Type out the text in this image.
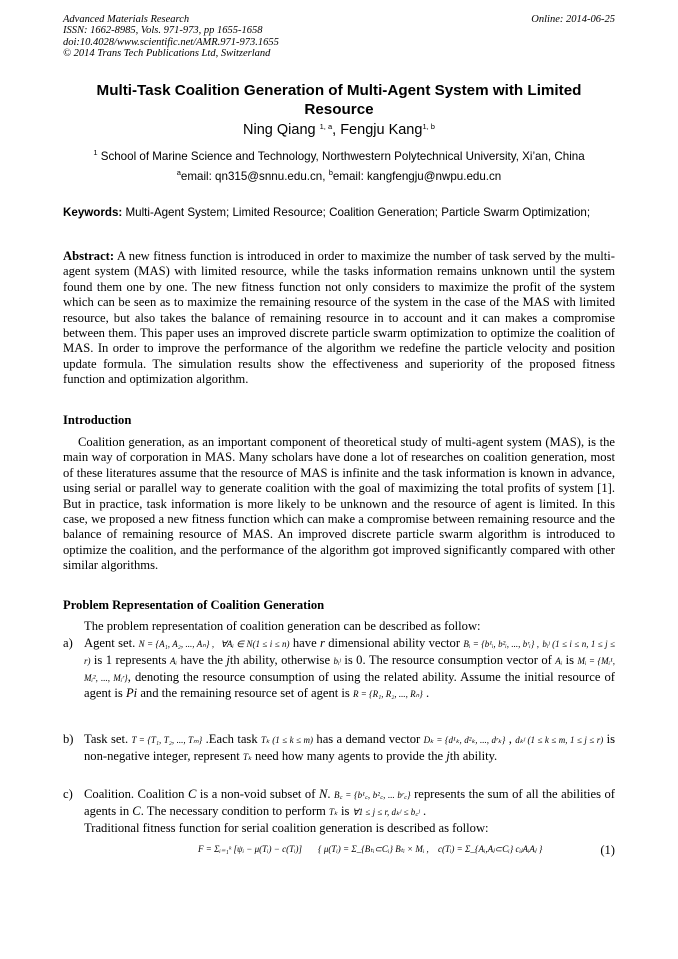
Advanced Materials Research
ISSN: 1662-8985, Vols. 971-973, pp 1655-1658
doi:10.4028/www.scientific.net/AMR.971-973.1655
© 2014 Trans Tech Publications Ltd, Switzerland
Online: 2014-06-25
Multi-Task Coalition Generation of Multi-Agent System with Limited Resource
Ning Qiang $^{1, a}$, Fengju Kang$^{1, b}$
$^1$ School of Marine Science and Technology, Northwestern Polytechnical University, Xi’an, China
$^a$email: qn315@snnu.edu.cn, $^b$email: kangfengju@nwpu.edu.cn
Keywords: Multi-Agent System; Limited Resource; Coalition Generation; Particle Swarm Optimization;
Abstract: A new fitness function is introduced in order to maximize the number of task served by the multi-agent system (MAS) with limited resource, while the tasks information remains unknown until the system found them one by one. The new fitness function not only considers to maximize the profit of the system which can be seen as to maximize the remaining resource of the system in the case of the MAS with limited resource, but also takes the balance of remaining resource in to account and it can makes a compromise between them. This paper uses an improved discrete particle swarm optimization to optimize the coalition of MAS. In order to improve the performance of the algorithm we redefine the particle velocity and position update formula. The simulation results show the effectiveness and superiority of the proposed fitness function and optimization algorithm.
Introduction
Coalition generation, as an important component of theoretical study of multi-agent system (MAS), is the main way of corporation in MAS. Many scholars have done a lot of researches on coalition generation, most of these literatures assume that the resource of MAS is infinite and the task information is known in advance, using serial or parallel way to generate coalition with the goal of maximizing the total profits of system [1]. But in practice, task information is more likely to be unknown and the resource of agent is limited. In this case, we proposed a new fitness function which can make a compromise between remaining resource and the balance of remaining resource of MAS. An improved discrete particle swarm algorithm is introduced to optimize the coalition, and the performance of the algorithm got improved significantly compared with other similar algorithms.
Problem Representation of Coalition Generation
The problem representation of coalition generation can be described as follow:
a) Agent set. N = {A₁, A₂, ..., Aₙ} , ∀Aᵢ ∈ N(1 ≤ i ≤ n) have r dimensional ability vector Bᵢ = {b¹ᵢ, b²ᵢ, ..., bʳᵢ} , bᵢʲ (1 ≤ i ≤ n, 1 ≤ j ≤ r) is 1 represents Aᵢ have the jth ability, otherwise bᵢʲ is 0. The resource consumption vector of Aᵢ is Mᵢ = {Mᵢ¹, Mᵢ², ..., Mᵢʳ}, denoting the resource consumption of using the related ability. Assume the initial resource of agent is Pi and the remaining resource set of agent is R = {R₁, R₂, ..., Rₙ} .
b) Task set. T = {T₁, T₂, ..., Tₘ} .Each task Tₖ (1 ≤ k ≤ m) has a demand vector Dₖ = {d¹ₖ, d²ₖ, ..., dʳₖ} , dₖʲ (1 ≤ k ≤ m, 1 ≤ j ≤ r) is non-negative integer, represent Tₖ need how many agents to provide the jth ability.
c) Coalition. Coalition C is a non-void subset of N. B꜀ = {b¹꜀, b²꜀, ... bʳ꜀} represents the sum of all the abilities of agents in C. The necessary condition to perform Tₖ is ∀1 ≤ j ≤ r, dₖʲ ≤ b꜀ʲ .
Traditional fitness function for serial coalition generation is described as follow:
F = Σᵢ₌₁ᵏ [ψᵢ − μ(Tᵢ) − c(Tᵢ)] { μ(Tᵢ) = Σ_{Bₜᵢ⊂Cᵢ} Bₜᵢ × Mᵢ , c(Tᵢ) = Σ_{Aᵢ,Aⱼ⊂Cᵢ} cᵢⱼAᵢAⱼ }	(1)
